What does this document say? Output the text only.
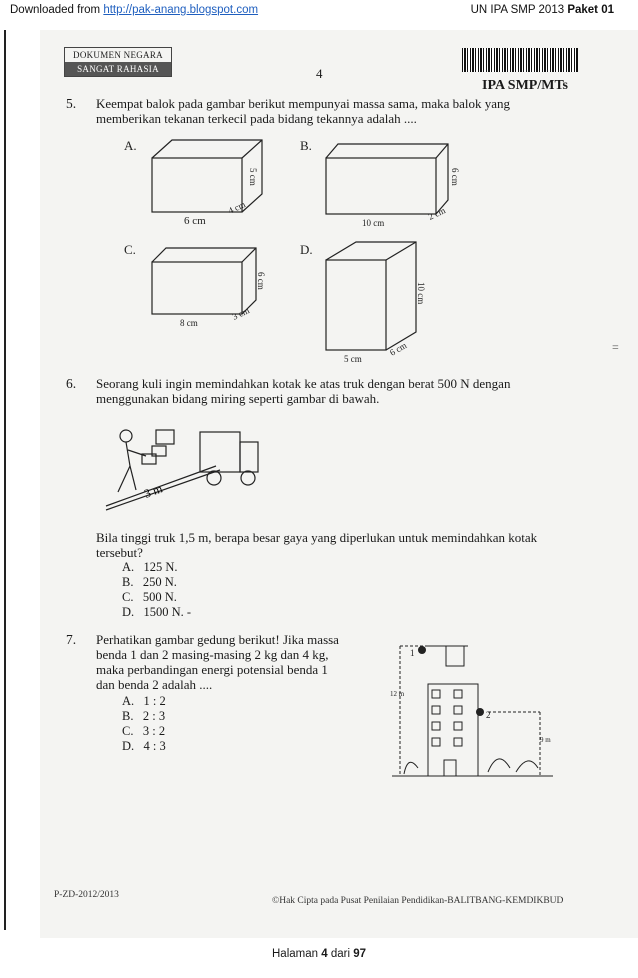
Downloaded from http://pak-anang.blogspot.com	UN IPA SMP 2013 Paket 01
DOKUMEN NEGARA
SANGAT RAHASIA	4
IPA SMP/MTs
5. Keempat balok pada gambar berikut mempunyai massa sama, maka balok yang memberikan tekanan terkecil pada bidang tekannya adalah ....
A.
6 cm
4 cm
5 cm
B.
10 cm
2 cm
6 cm
C.
8 cm
3 cm
6 cm
D.
5 cm
6 cm
10 cm
=
6. Seorang kuli ingin memindahkan kotak ke atas truk dengan berat 500 N dengan menggunakan bidang miring seperti gambar di bawah.
3 m
Bila tinggi truk 1,5 m, berapa besar gaya yang diperlukan untuk memindahkan kotak tersebut?
A. 125 N.
B. 250 N.
C. 500 N.
D. 1500 N. -
7. Perhatikan gambar gedung berikut! Jika massa benda 1 dan 2 masing-masing 2 kg dan 4 kg, maka perbandingan energi potensial benda 1 dan benda 2 adalah ....
A. 1 : 2
B. 2 : 3
C. 3 : 2
D. 4 : 3
1
2
12 m
9 m
P-ZD-2012/2013
©Hak Cipta pada Pusat Penilaian Pendidikan-BALITBANG-KEMDIKBUD
Halaman 4 dari 97
